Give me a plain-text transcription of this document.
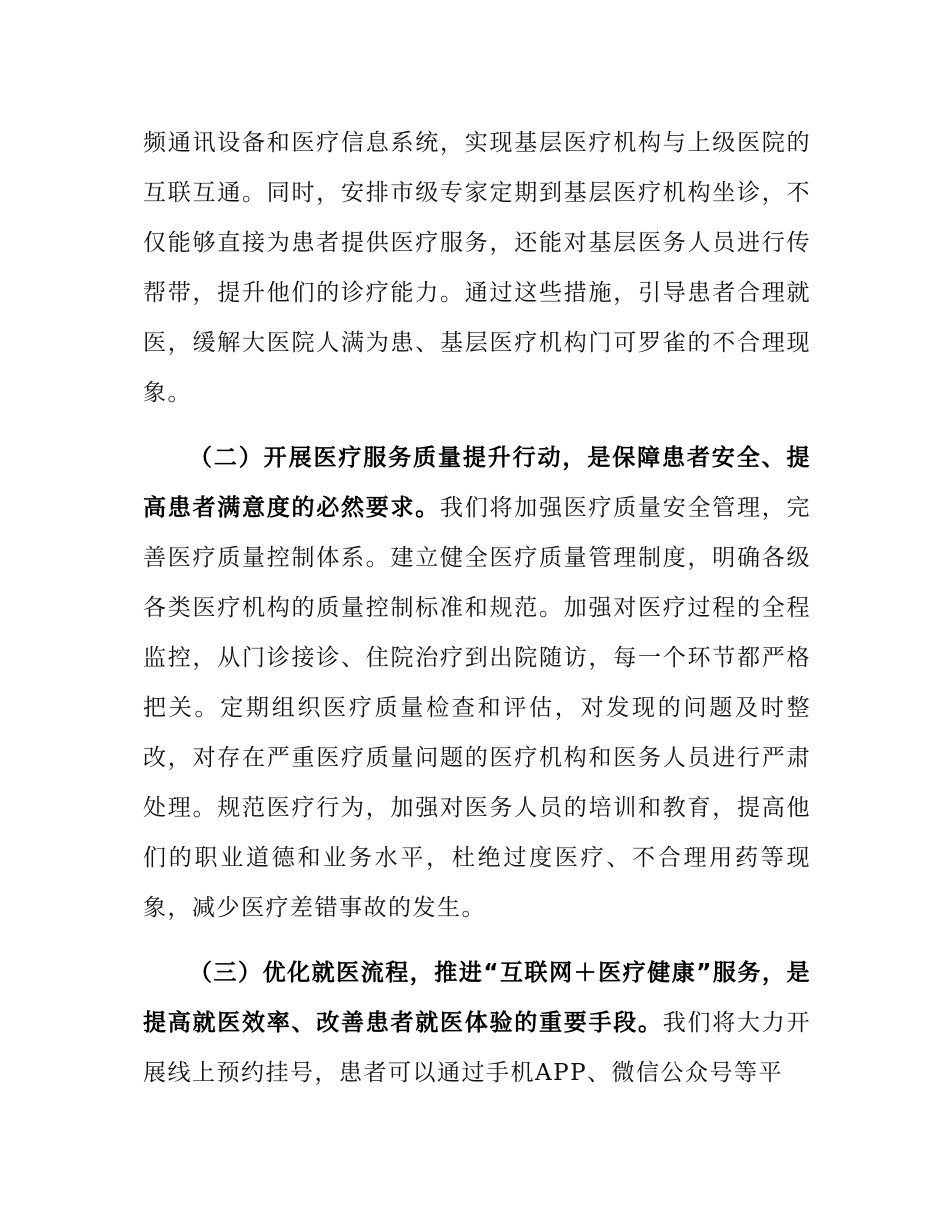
频通讯设备和医疗信息系统，实现基层医疗机构与上级医院的互联互通。同时，安排市级专家定期到基层医疗机构坐诊，不仅能够直接为患者提供医疗服务，还能对基层医务人员进行传帮带，提升他们的诊疗能力。通过这些措施，引导患者合理就医，缓解大医院人满为患、基层医疗机构门可罗雀的不合理现象。

（二）开展医疗服务质量提升行动，是保障患者安全、提高患者满意度的必然要求。我们将加强医疗质量安全管理，完善医疗质量控制体系。建立健全医疗质量管理制度，明确各级各类医疗机构的质量控制标准和规范。加强对医疗过程的全程监控，从门诊接诊、住院治疗到出院随访，每一个环节都严格把关。定期组织医疗质量检查和评估，对发现的问题及时整改，对存在严重医疗质量问题的医疗机构和医务人员进行严肃处理。规范医疗行为，加强对医务人员的培训和教育，提高他们的职业道德和业务水平，杜绝过度医疗、不合理用药等现象，减少医疗差错事故的发生。

（三）优化就医流程，推进“互联网＋医疗健康”服务，是提高就医效率、改善患者就医体验的重要手段。我们将大力开展线上预约挂号，患者可以通过手机APP、微信公众号等平
